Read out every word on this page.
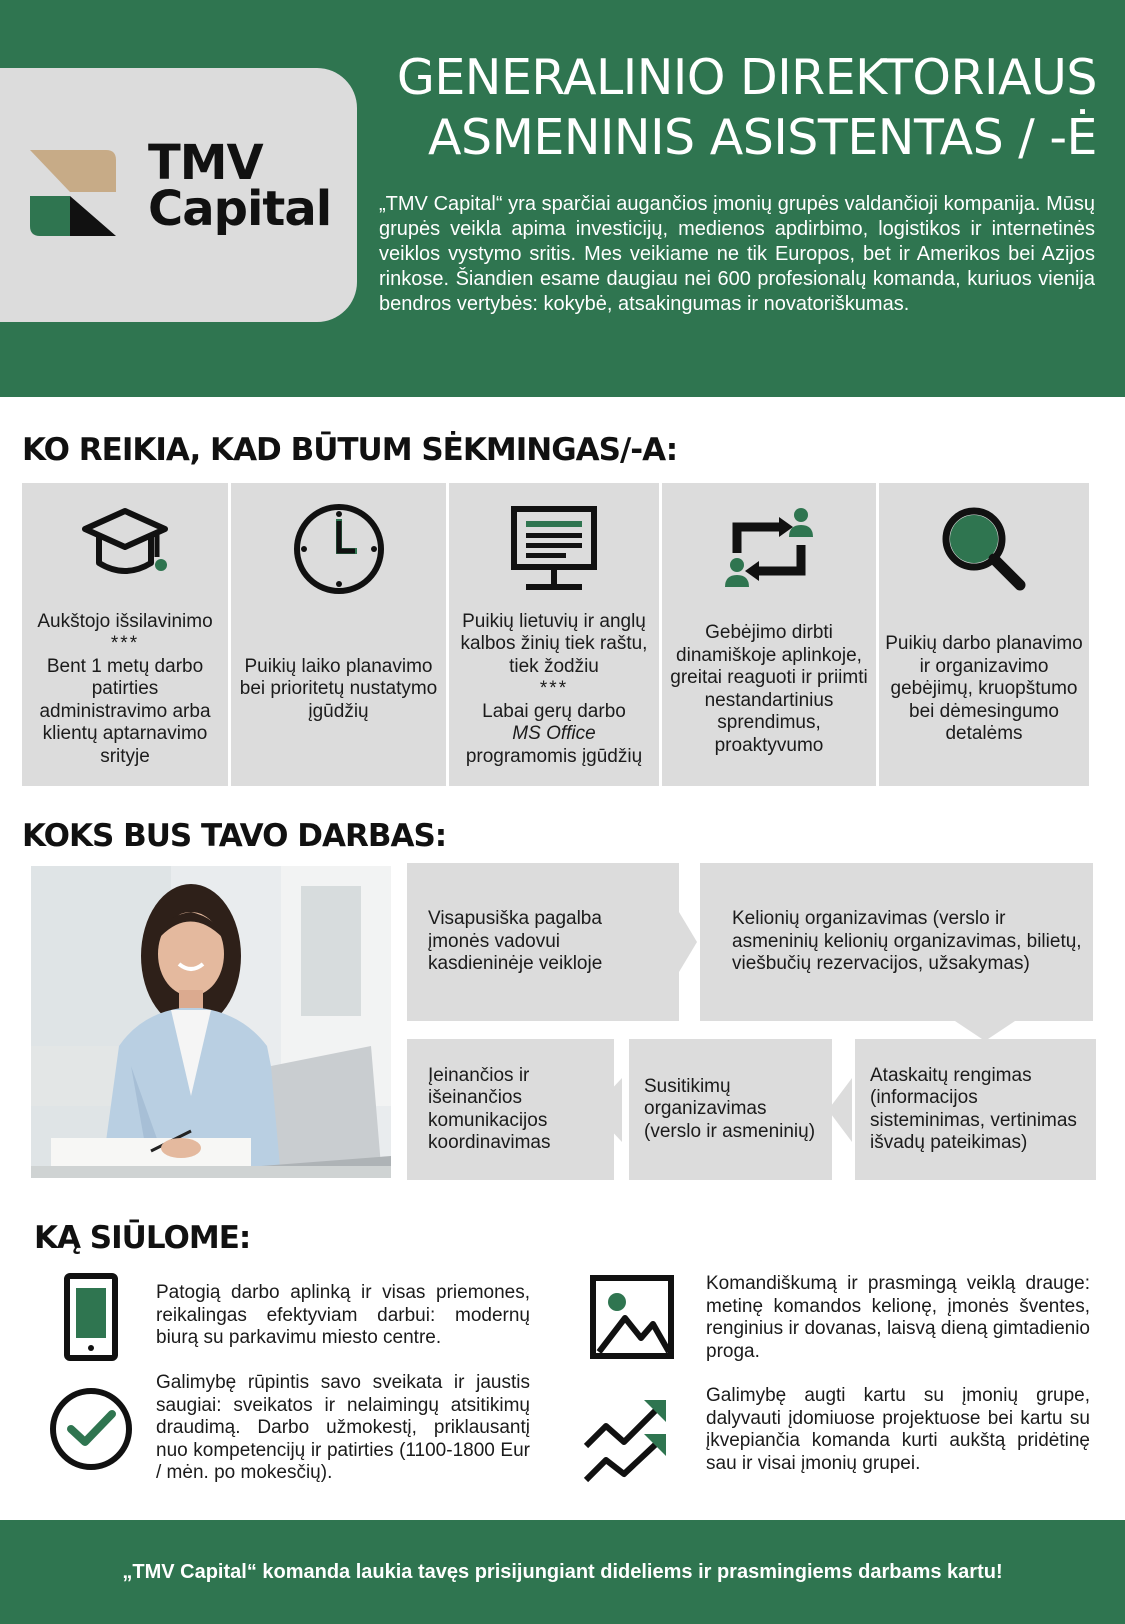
TMV
Capital
GENERALINIO DIREKTORIAUS
ASMENINIS ASISTENTAS / -Ė

„TMV Capital“ yra sparčiai augančios įmonių grupės valdančioji kompanija. Mūsų grupės veikla apima investicijų, medienos apdirbimo, logistikos ir internetinės veiklos vystymo sritis. Mes veikiame ne tik Europos, bet ir Amerikos bei Azijos rinkose. Šiandien esame daugiau nei 600 profesionalų komanda, kuriuos vienija bendros vertybės: kokybė, atsakingumas ir novatoriškumas.

KO REIKIA, KAD BŪTUM SĖKMINGAS/-A:
Aukštojo išsilavinimo
***
Bent 1 metų darbo patirties administravimo arba klientų aptarnavimo srityje
Puikių laiko planavimo bei prioritetų nustatymo įgūdžių
Puikių lietuvių ir anglų kalbos žinių tiek raštu, tiek žodžiu
***
Labai gerų darbo
MS Office
programomis įgūdžių
Gebėjimo dirbti dinamiškoje aplinkoje, greitai reaguoti ir priimti nestandartinius sprendimus, proaktyvumo
Puikių darbo planavimo ir organizavimo gebėjimų, kruopštumo bei dėmesingumo detalėms
KOKS BUS TAVO DARBAS:
Visapusiška pagalba įmonės vadovui kasdieninėje veikloje
Kelionių organizavimas (verslo ir asmeninių kelionių organizavimas, bilietų, viešbučių rezervacijos, užsakymas)
Ataskaitų rengimas (informacijos sisteminimas, vertinimas išvadų pateikimas)
Susitikimų organizavimas (verslo ir asmeninių)
Įeinančios ir išeinančios komunikacijos koordinavimas
KĄ SIŪLOME:

Patogią darbo aplinką ir visas priemones, reikalingas efektyviam darbui: modernų biurą su parkavimu miesto centre.

Komandiškumą ir prasmingą veiklą drauge: metinę komandos kelionę, įmonės šventes, renginius ir dovanas, laisvą dieną gimtadienio proga.

Galimybę rūpintis savo sveikata ir jaustis saugiai: sveikatos ir nelaimingų atsitikimų draudimą. Darbo užmokestį, priklausantį nuo kompetencijų ir patirties (1100-1800 Eur / mėn. po mokesčių).

Galimybę augti kartu su įmonių grupe, dalyvauti įdomiuose projektuose bei kartu su įkvepiančia komanda kurti aukštą pridėtinę sau ir visai įmonių grupei.

„TMV Capital“ komanda laukia tavęs prisijungiant dideliems ir prasmingiems darbams kartu!
